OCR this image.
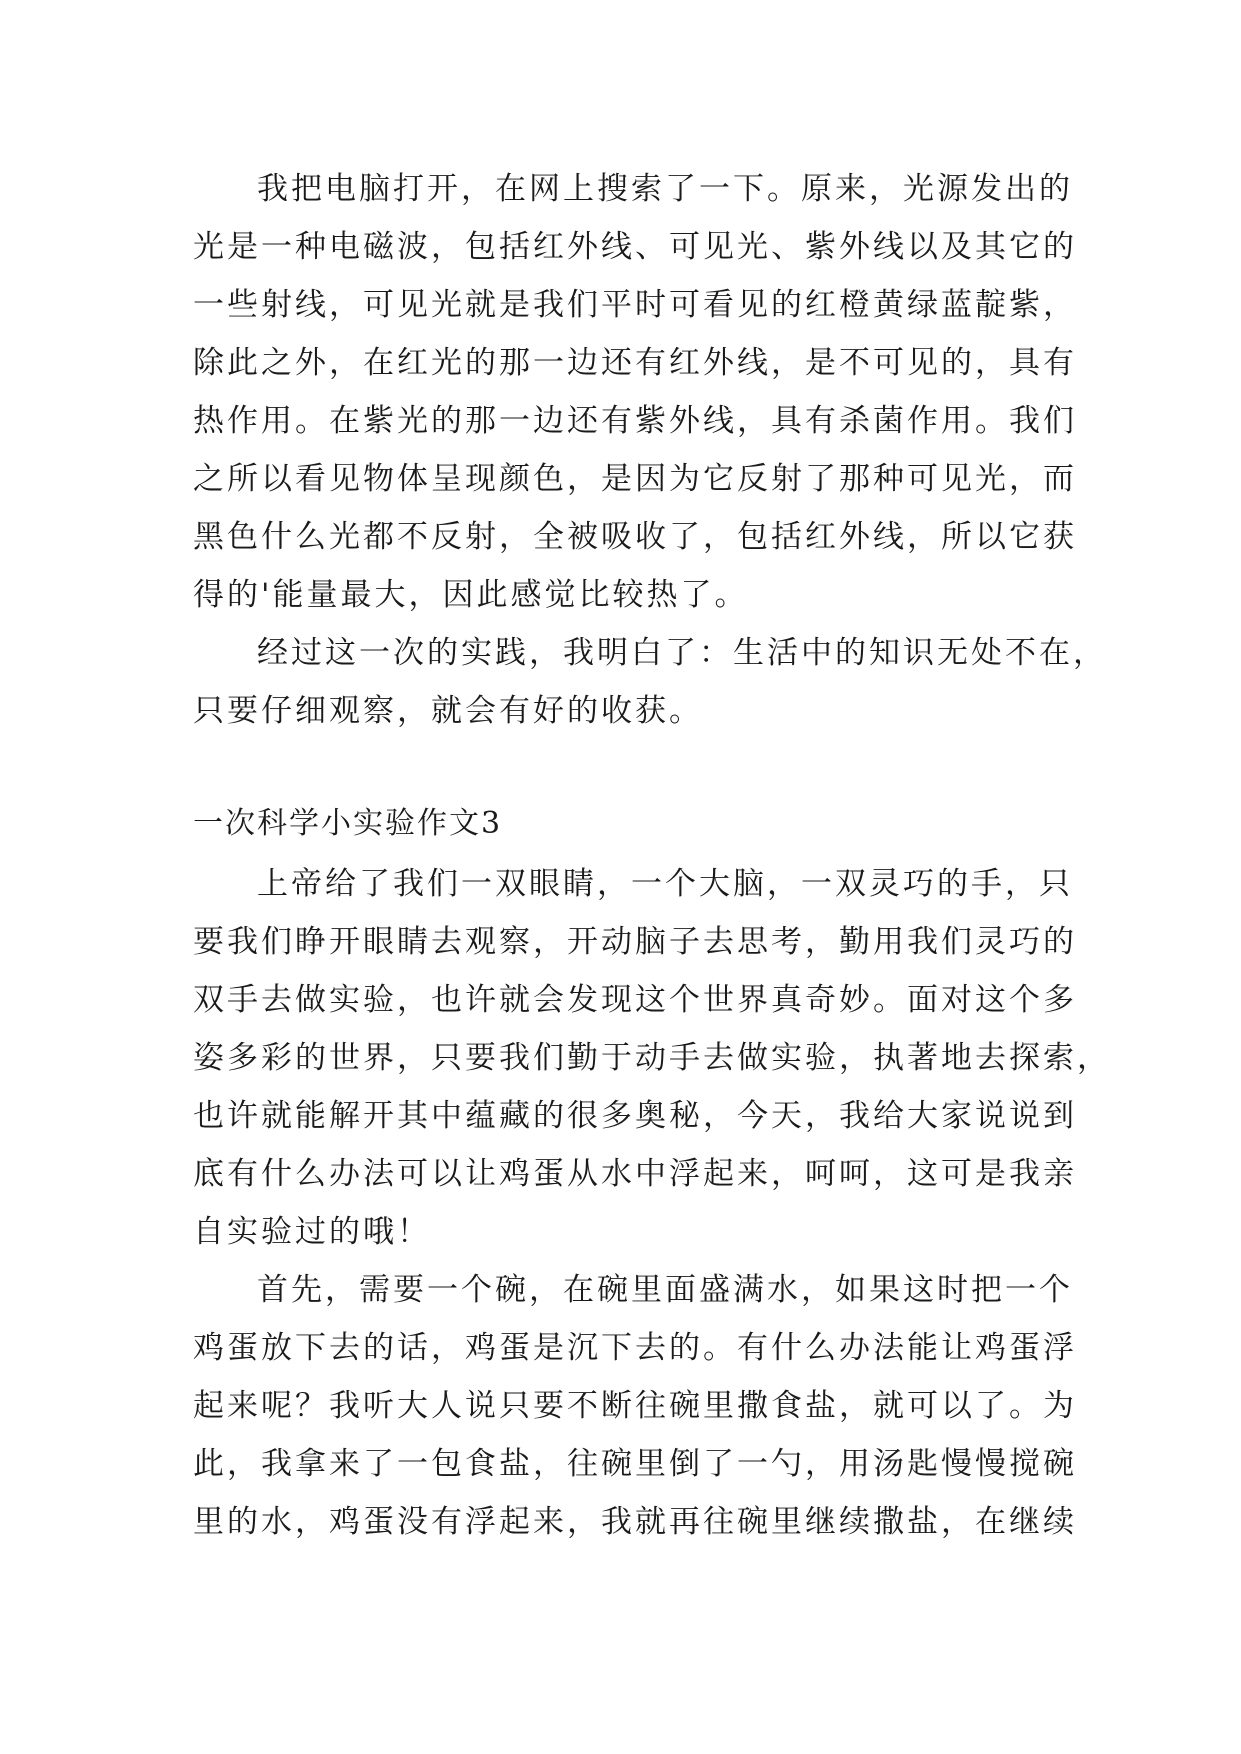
我把电脑打开，在网上搜索了一下。原来，光源发出的
光是一种电磁波，包括红外线、可见光、紫外线以及其它的
一些射线，可见光就是我们平时可看见的红橙黄绿蓝靛紫，
除此之外，在红光的那一边还有红外线，是不可见的，具有
热作用。在紫光的那一边还有紫外线，具有杀菌作用。我们
之所以看见物体呈现颜色，是因为它反射了那种可见光，而
黑色什么光都不反射，全被吸收了，包括红外线，所以它获
得的'能量最大，因此感觉比较热了。
经过这一次的实践，我明白了：生活中的知识无处不在，
只要仔细观察，就会有好的收获。
一次科学小实验作文3
上帝给了我们一双眼睛，一个大脑，一双灵巧的手，只
要我们睁开眼睛去观察，开动脑子去思考，勤用我们灵巧的
双手去做实验，也许就会发现这个世界真奇妙。面对这个多
姿多彩的世界，只要我们勤于动手去做实验，执著地去探索，
也许就能解开其中蕴藏的很多奥秘，今天，我给大家说说到
底有什么办法可以让鸡蛋从水中浮起来，呵呵，这可是我亲
自实验过的哦！
首先，需要一个碗，在碗里面盛满水，如果这时把一个
鸡蛋放下去的话，鸡蛋是沉下去的。有什么办法能让鸡蛋浮
起来呢？我听大人说只要不断往碗里撒食盐，就可以了。为
此，我拿来了一包食盐，往碗里倒了一勺，用汤匙慢慢搅碗
里的水，鸡蛋没有浮起来，我就再往碗里继续撒盐，在继续
